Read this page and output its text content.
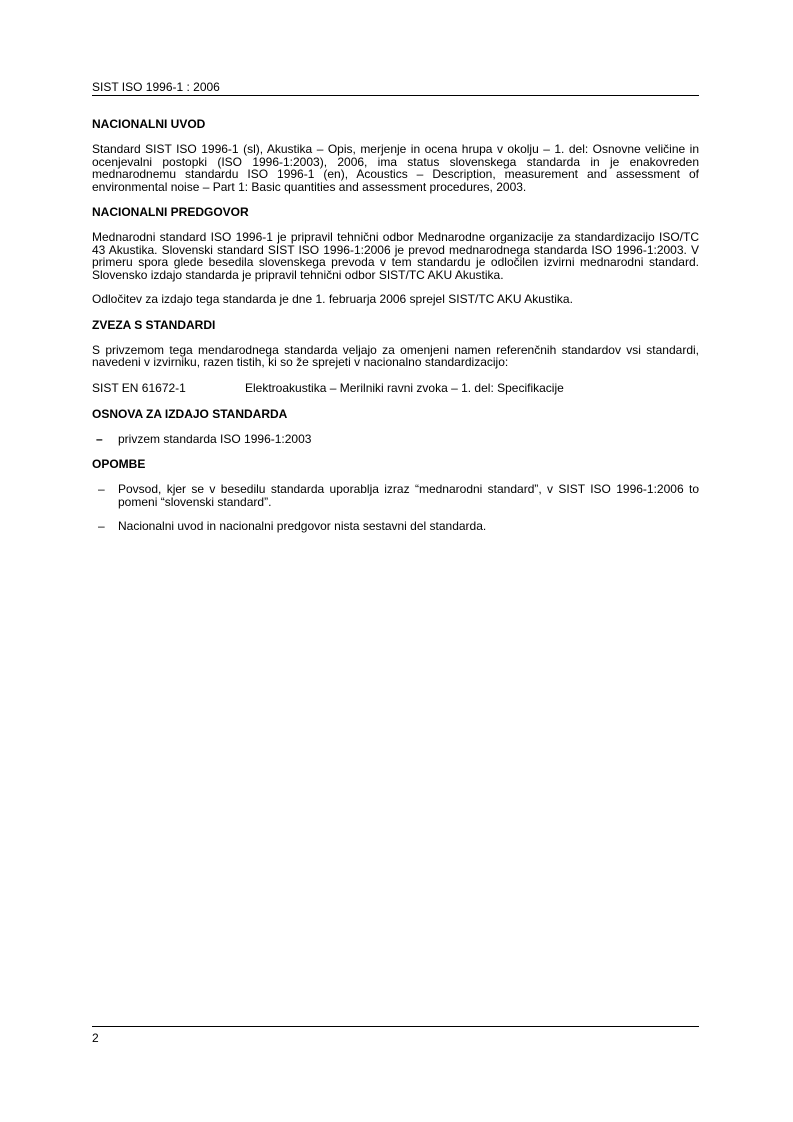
SIST ISO 1996-1 : 2006
NACIONALNI UVOD

Standard SIST ISO 1996-1 (sl), Akustika – Opis, merjenje in ocena hrupa v okolju – 1. del: Osnovne veličine in ocenjevalni postopki (ISO 1996-1:2003), 2006, ima status slovenskega standarda in je enakovreden mednarodnemu standardu ISO 1996-1 (en), Acoustics – Description, measurement and assessment of environmental noise – Part 1: Basic quantities and assessment procedures, 2003.

NACIONALNI PREDGOVOR

Mednarodni standard ISO 1996-1 je pripravil tehnični odbor Mednarodne organizacije za standardizacijo ISO/TC 43 Akustika. Slovenski standard SIST ISO 1996-1:2006 je prevod mednarodnega standarda ISO 1996-1:2003. V primeru spora glede besedila slovenskega prevoda v tem standardu je odločilen izvirni mednarodni standard. Slovensko izdajo standarda je pripravil tehnični odbor SIST/TC AKU Akustika.

Odločitev za izdajo tega standarda je dne 1. februarja 2006 sprejel SIST/TC AKU Akustika.

ZVEZA S STANDARDI

S privzemom tega mendarodnega standarda veljajo za omenjeni namen referenčnih standardov vsi standardi, navedeni v izvirniku, razen tistih, ki so že sprejeti v nacionalno standardizacijo:

SIST EN 61672-1	Elektroakustika – Merilniki ravni zvoka – 1. del: Specifikacije
OSNOVA ZA IZDAJO STANDARDA
– privzem standarda ISO 1996-1:2003
OPOMBE
– Povsod, kjer se v besedilu standarda uporablja izraz “mednarodni standard”, v SIST ISO 1996-1:2006 to pomeni “slovenski standard”.
– Nacionalni uvod in nacionalni predgovor nista sestavni del standarda.
2
